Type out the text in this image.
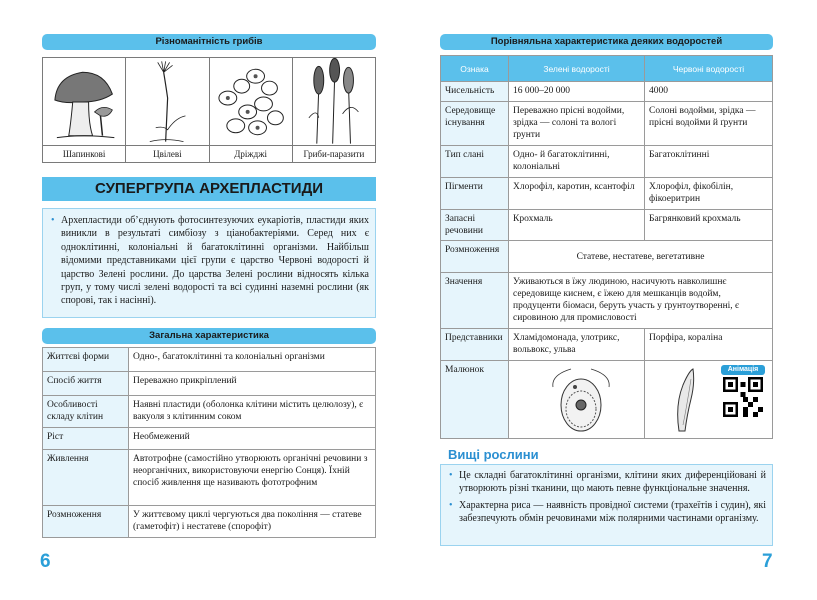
Різноманітність грибів
Шапинкові	Цвілеві	Дріжджі	Гриби-паразити
СУПЕРГРУПА АРХЕПЛАСТИДИ

• Архепластиди об’єднують фотосинтезуючих еукаріотів, пластиди яких виникли в результаті симбіозу з ціанобактеріями. Серед них є одноклітинні, колоніальні й багатоклітинні організми. Найбільш відомими представниками цієї групи є царство Червоні водорості й царство Зелені рослини. До царства Зелені рослини відносять кілька груп, у тому числі зелені водорості та всі судинні наземні рослини (як спорові, так і насінні).

Загальна характеристика
Життєві форми	Одно-, багатоклітинні та колоніальні організми
Спосіб життя	Переважно прикріплений
Особливості складу клітин	Наявні пластиди (оболонка клітини містить целюлозу), є вакуоля з клітинним соком
Ріст	Необмежений
Живлення	Автотрофне (самостійно утворюють органічні речовини з неорганічних, використовуючи енергію Сонця). Їхній спосіб живлення ще називають фототрофним
Розмноження	У життєвому циклі чергуються два покоління — статеве (гаметофіт) і нестатеве (спорофіт)
6
Порівняльна характеристика деяких водоростей
Ознака	Зелені водорості	Червоні водорості
Чисельність	16 000–20 000	4000
Середовище існування	Переважно прісні водойми, зрідка — солоні та вологі ґрунти	Солоні водойми, зрідка — прісні водойми й ґрунти
Тип слані	Одно- й багатоклітинні, колоніальні	Багатоклітинні
Пігменти	Хлорофіл, каротин, ксантофіл	Хлорофіл, фікобілін, фікоеритрин
Запасні речовини	Крохмаль	Багрянковий крохмаль
Розмноження	Статеве, нестатеве, вегетативне	
Значення	Уживаються в їжу людиною, насичують навколишнє середовище киснем, є їжею для мешканців водойм, продуценти біомаси, беруть участь у ґрунтоутворенні, є сировиною для промисловості	
Представники	Хламідомонада, улотрикс, вольвокс, ульва	Порфіра, кораліна
Малюнок		Анімація
Вищі рослини

• Це складні багатоклітинні організми, клітини яких диференційовані й утворюють різні тканини, що мають певне функціональне значення.

• Характерна риса — наявність провідної системи (трахеїтів і судин), які забезпечують обмін речовинами між полярними частинами організму.

7
